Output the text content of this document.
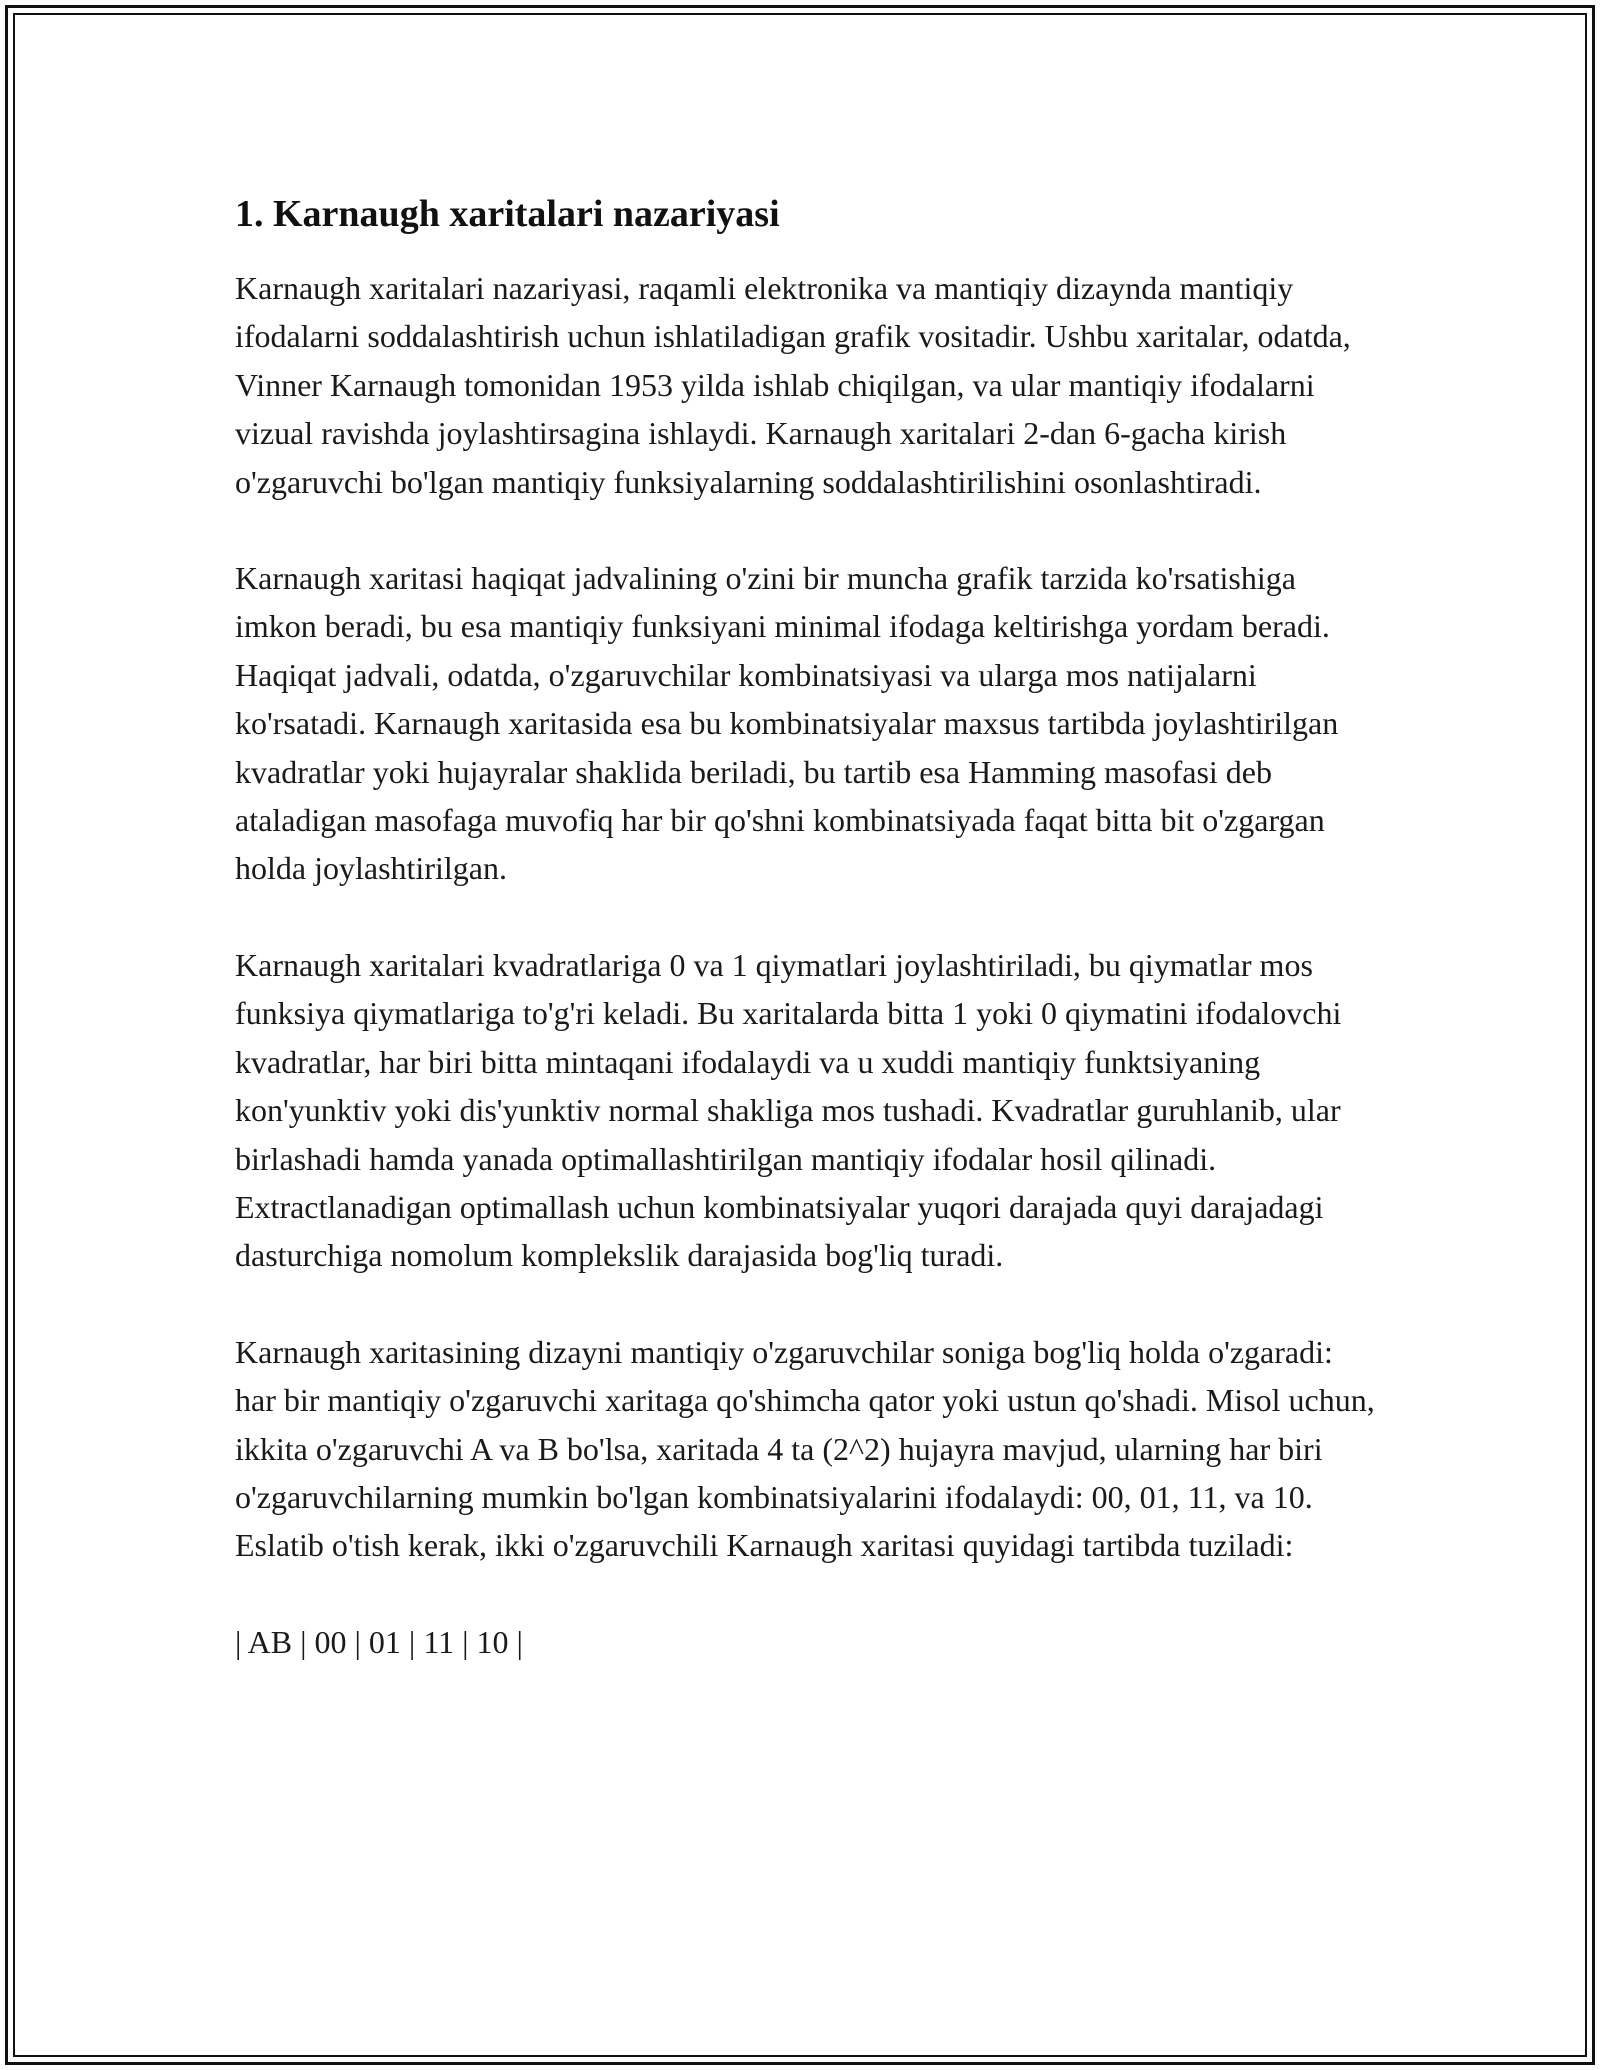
1. Karnaugh xaritalari nazariyasi

Karnaugh xaritalari nazariyasi, raqamli elektronika va mantiqiy dizaynda mantiqiy ifodalarni soddalashtirish uchun ishlatiladigan grafik vositadir. Ushbu xaritalar, odatda, Vinner Karnaugh tomonidan 1953 yilda ishlab chiqilgan, va ular mantiqiy ifodalarni vizual ravishda joylashtirsagina ishlaydi. Karnaugh xaritalari 2-dan 6-gacha kirish o'zgaruvchi bo'lgan mantiqiy funksiyalarning soddalashtirilishini osonlashtiradi.

Karnaugh xaritasi haqiqat jadvalining o'zini bir muncha grafik tarzida ko'rsatishiga imkon beradi, bu esa mantiqiy funksiyani minimal ifodaga keltirishga yordam beradi. Haqiqat jadvali, odatda, o'zgaruvchilar kombinatsiyasi va ularga mos natijalarni ko'rsatadi. Karnaugh xaritasida esa bu kombinatsiyalar maxsus tartibda joylashtirilgan kvadratlar yoki hujayralar shaklida beriladi, bu tartib esa Hamming masofasi deb ataladigan masofaga muvofiq har bir qo'shni kombinatsiyada faqat bitta bit o'zgargan holda joylashtirilgan.

Karnaugh xaritalari kvadratlariga 0 va 1 qiymatlari joylashtiriladi, bu qiymatlar mos funksiya qiymatlariga to'g'ri keladi. Bu xaritalarda bitta 1 yoki 0 qiymatini ifodalovchi kvadratlar, har biri bitta mintaqani ifodalaydi va u xuddi mantiqiy funktsiyaning kon'yunktiv yoki dis'yunktiv normal shakliga mos tushadi. Kvadratlar guruhlanib, ular birlashadi hamda yanada optimallashtirilgan mantiqiy ifodalar hosil qilinadi. Extractlanadigan optimallash uchun kombinatsiyalar yuqori darajada quyi darajadagi dasturchiga nomolum komplekslik darajasida bog'liq turadi.

Karnaugh xaritasining dizayni mantiqiy o'zgaruvchilar soniga bog'liq holda o'zgaradi: har bir mantiqiy o'zgaruvchi xaritaga qo'shimcha qator yoki ustun qo'shadi. Misol uchun, ikkita o'zgaruvchi A va B bo'lsa, xaritada 4 ta (2^2) hujayra mavjud, ularning har biri o'zgaruvchilarning mumkin bo'lgan kombinatsiyalarini ifodalaydi: 00, 01, 11, va 10. Eslatib o'tish kerak, ikki o'zgaruvchili Karnaugh xaritasi quyidagi tartibda tuziladi:

| AB | 00 | 01 | 11 | 10 |
